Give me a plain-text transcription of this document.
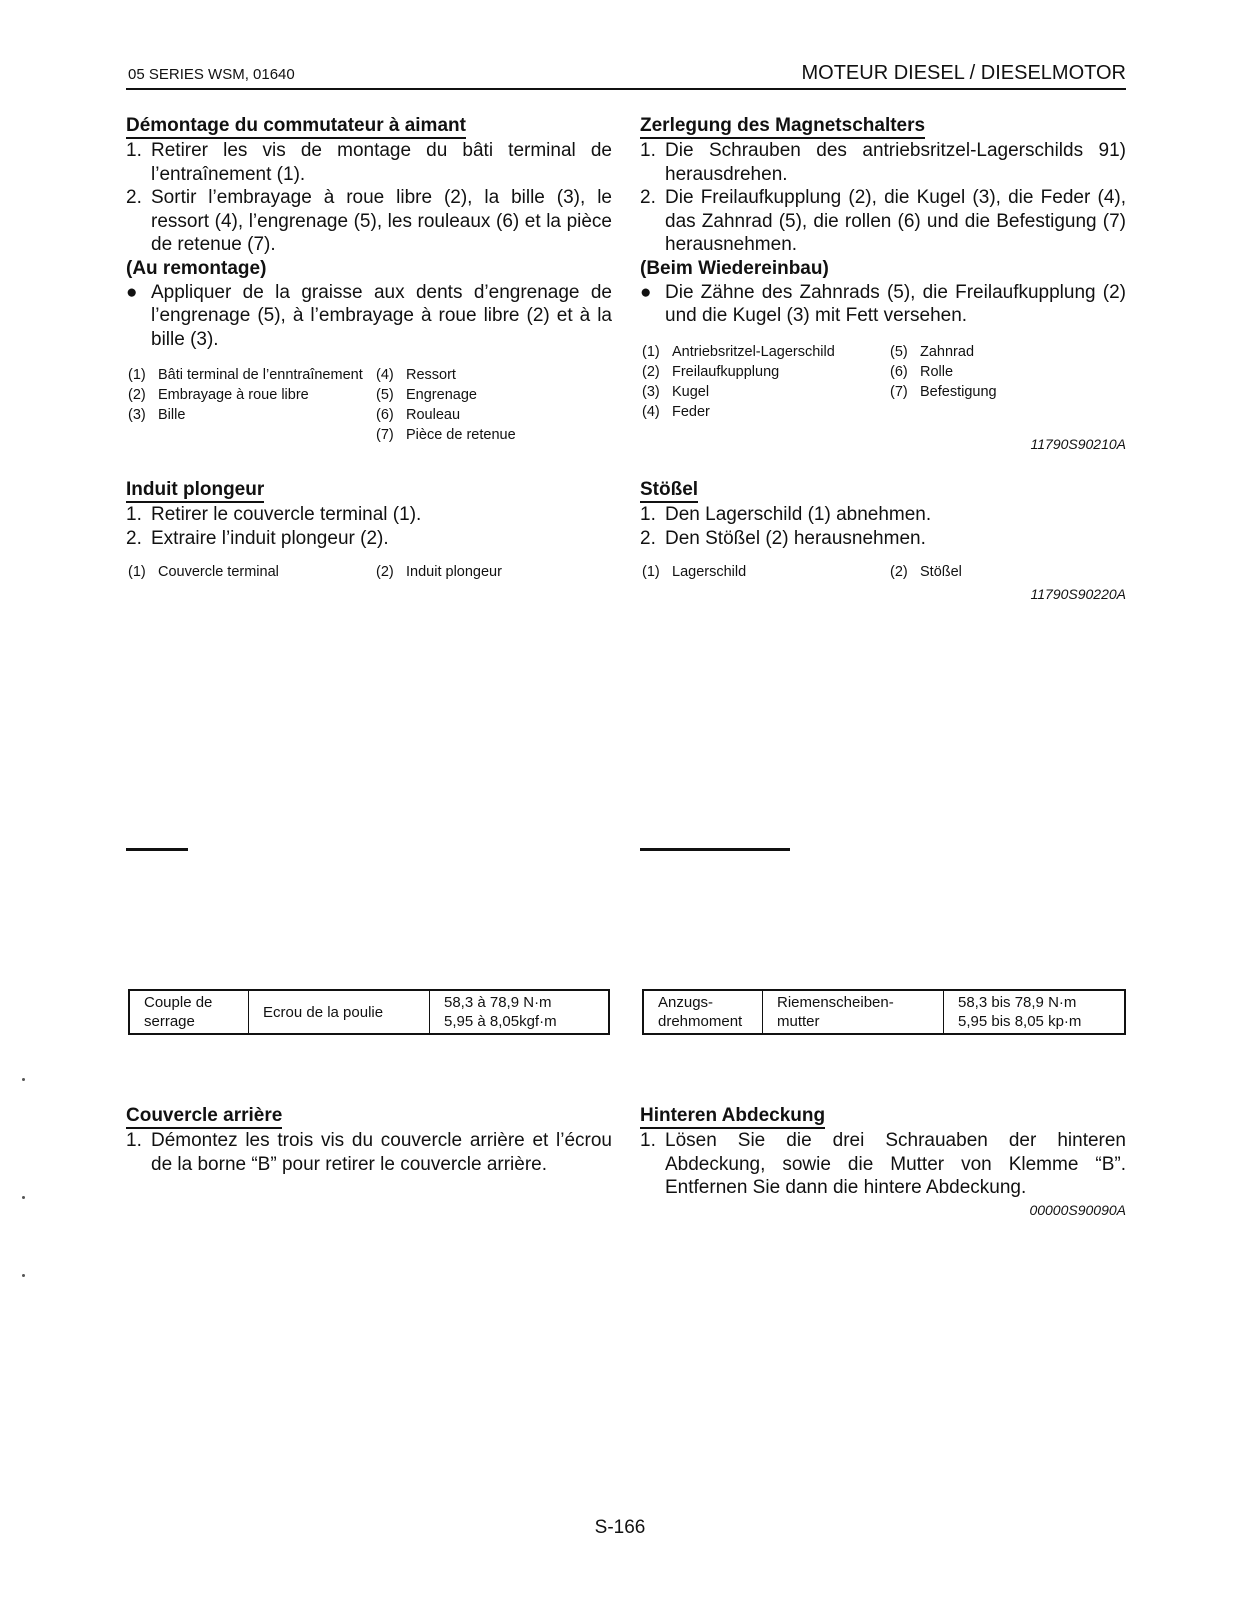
05 SERIES WSM, 01640	MOTEUR DIESEL / DIESELMOTOR
Démontage du commutateur à aimant
1. Retirer les vis de montage du bâti terminal de l’entraînement (1).
2. Sortir l’embrayage à roue libre (2), la bille (3), le ressort (4), l’engrenage (5), les rouleaux (6) et la pièce de retenue (7).
(Au remontage)
● Appliquer de la graisse aux dents d’engrenage de l’engrenage (5), à l’embrayage à roue libre (2) et à la bille (3).
(1) Bâti terminal de l’enntraînement (4) Ressort
(2) Embrayage à roue libre	(5) Engrenage
(3) Bille	(6) Rouleau
(7) Pièce de retenue
Zerlegung des Magnetschalters
1. Die Schrauben des antriebsritzel-Lagerschilds 91) herausdrehen.
2. Die Freilaufkupplung (2), die Kugel (3), die Feder (4), das Zahnrad (5), die rollen (6) und die Befestigung (7) herausnehmen.
(Beim Wiedereinbau)
● Die Zähne des Zahnrads (5), die Freilaufkupplung (2) und die Kugel (3) mit Fett versehen.
(1) Antriebsritzel-Lagerschild	(5) Zahnrad
(2) Freilaufkupplung	(6) Rolle
(3) Kugel	(7) Befestigung
(4) Feder
11790S90210A
Induit plongeur
1. Retirer le couvercle terminal (1).
2. Extraire l’induit plongeur (2).
(1) Couvercle terminal	(2) Induit plongeur
Stößel
1. Den Lagerschild (1) abnehmen.
2. Den Stößel (2) herausnehmen.
(1) Lagerschild	(2) Stößel
11790S90220A
Couple de serrage	Ecrou de la poulie	
58,3 à 78,9 N·m
5,95 à 8,05kgf·m
Anzugs- drehmoment	Riemenscheiben- mutter	
58,3 bis 78,9 N·m
5,95 bis 8,05 kp·m
Couvercle arrière
1. Démontez les trois vis du couvercle arrière et l’écrou de la borne “B” pour retirer le couvercle arrière.
Hinteren Abdeckung
1. Lösen Sie die drei Schrauaben der hinteren Abdeckung, sowie die Mutter von Klemme “B”. Entfernen Sie dann die hintere Abdeckung.
00000S90090A
S-166
